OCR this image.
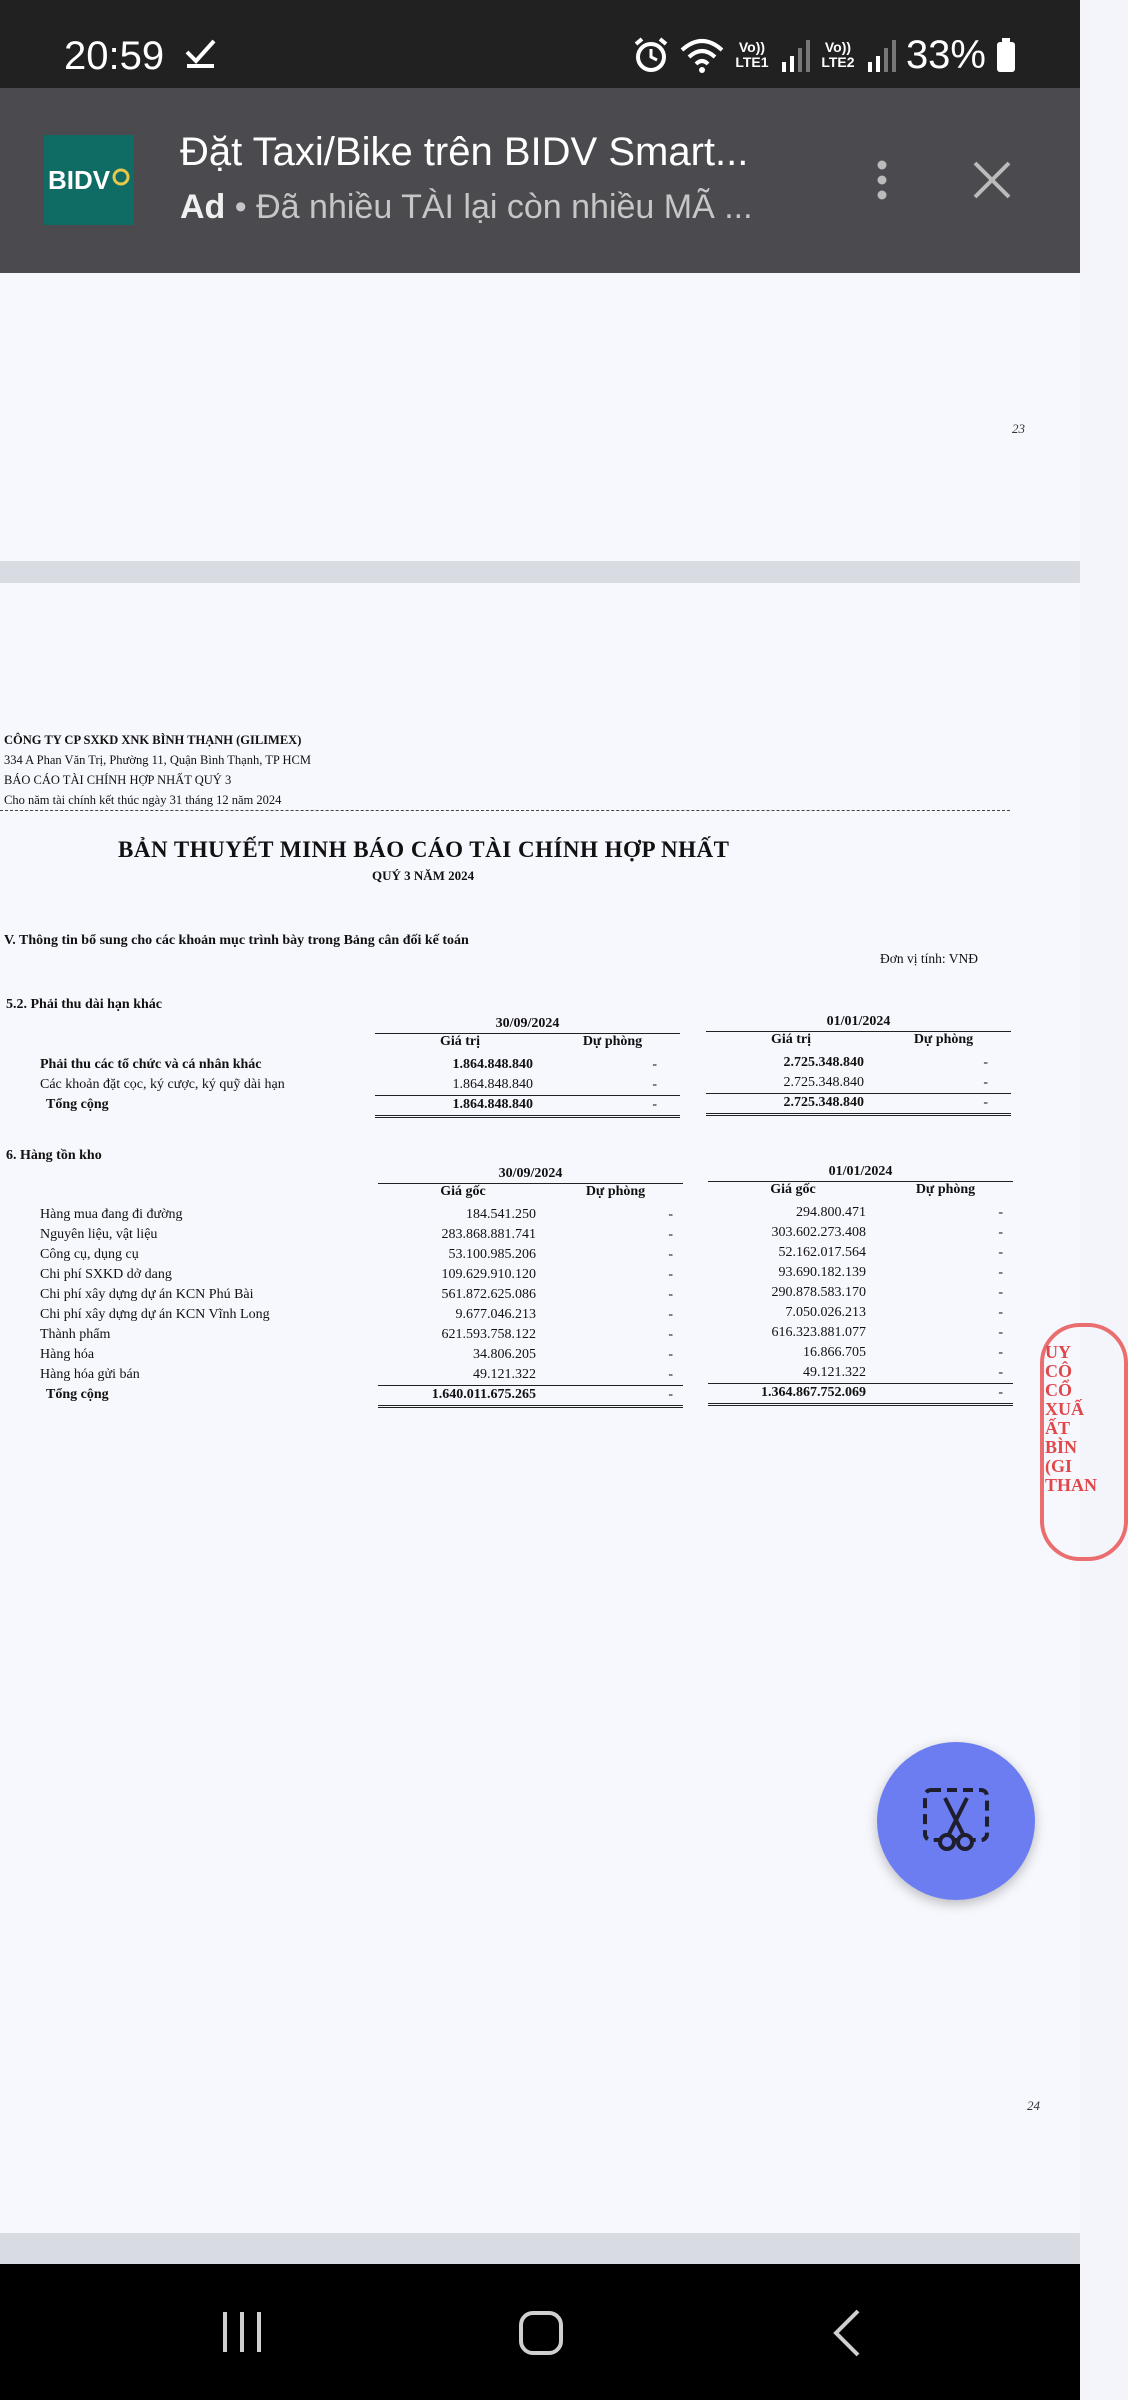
20:59	Vo)) LTE1
Vo)) LTE2 33%
BIDV
Đặt Taxi/Bike trên BIDV Smart...
Ad • Đã nhiều TÀI lại còn nhiều MÃ ...
23
CÔNG TY CP SXKD XNK BÌNH THẠNH (GILIMEX)
334 A Phan Văn Trị, Phường 11, Quận Bình Thạnh, TP HCM
BÁO CÁO TÀI CHÍNH HỢP NHẤT QUÝ 3
Cho năm tài chính kết thúc ngày 31 tháng 12 năm 2024
BẢN THUYẾT MINH BÁO CÁO TÀI CHÍNH HỢP NHẤT
QUÝ 3 NĂM 2024
V. Thông tin bổ sung cho các khoản mục trình bày trong Bảng cân đối kế toán
Đơn vị tính: VNĐ
5.2. Phải thu dài hạn khác
30/09/2024	01/01/2024
Giá trị	Dự phòng	Giá trị	Dự phòng
Phải thu các tổ chức và cá nhân khác	1.864.848.840	-	2.725.348.840	-
Các khoản đặt cọc, ký cược, ký quỹ dài hạn	1.864.848.840	-	2.725.348.840	-
Tổng cộng	1.864.848.840	-	2.725.348.840	-
6. Hàng tồn kho
30/09/2024	01/01/2024
Giá gốc	Dự phòng	Giá gốc	Dự phòng
Hàng mua đang đi đường	184.541.250	-	294.800.471	-
Nguyên liệu, vật liệu	283.868.881.741	-	303.602.273.408	-
Công cụ, dụng cụ	53.100.985.206	-	52.162.017.564	-
Chi phí SXKD dở dang	109.629.910.120	-	93.690.182.139	-
Chi phí xây dựng dự án KCN Phú Bài	561.872.625.086	-	290.878.583.170	-
Chi phí xây dựng dự án KCN Vĩnh Long	9.677.046.213	-	7.050.026.213	-
Thành phẩm	621.593.758.122	-	616.323.881.077	-
Hàng hóa	34.806.205	-	16.866.705	-
Hàng hóa gửi bán	49.121.322	-	49.121.322	-
Tổng cộng	1.640.011.675.265	-	1.364.867.752.069	-
UY CÔ CỔ XUẤ ẤT BÌN (GI THAN
24
